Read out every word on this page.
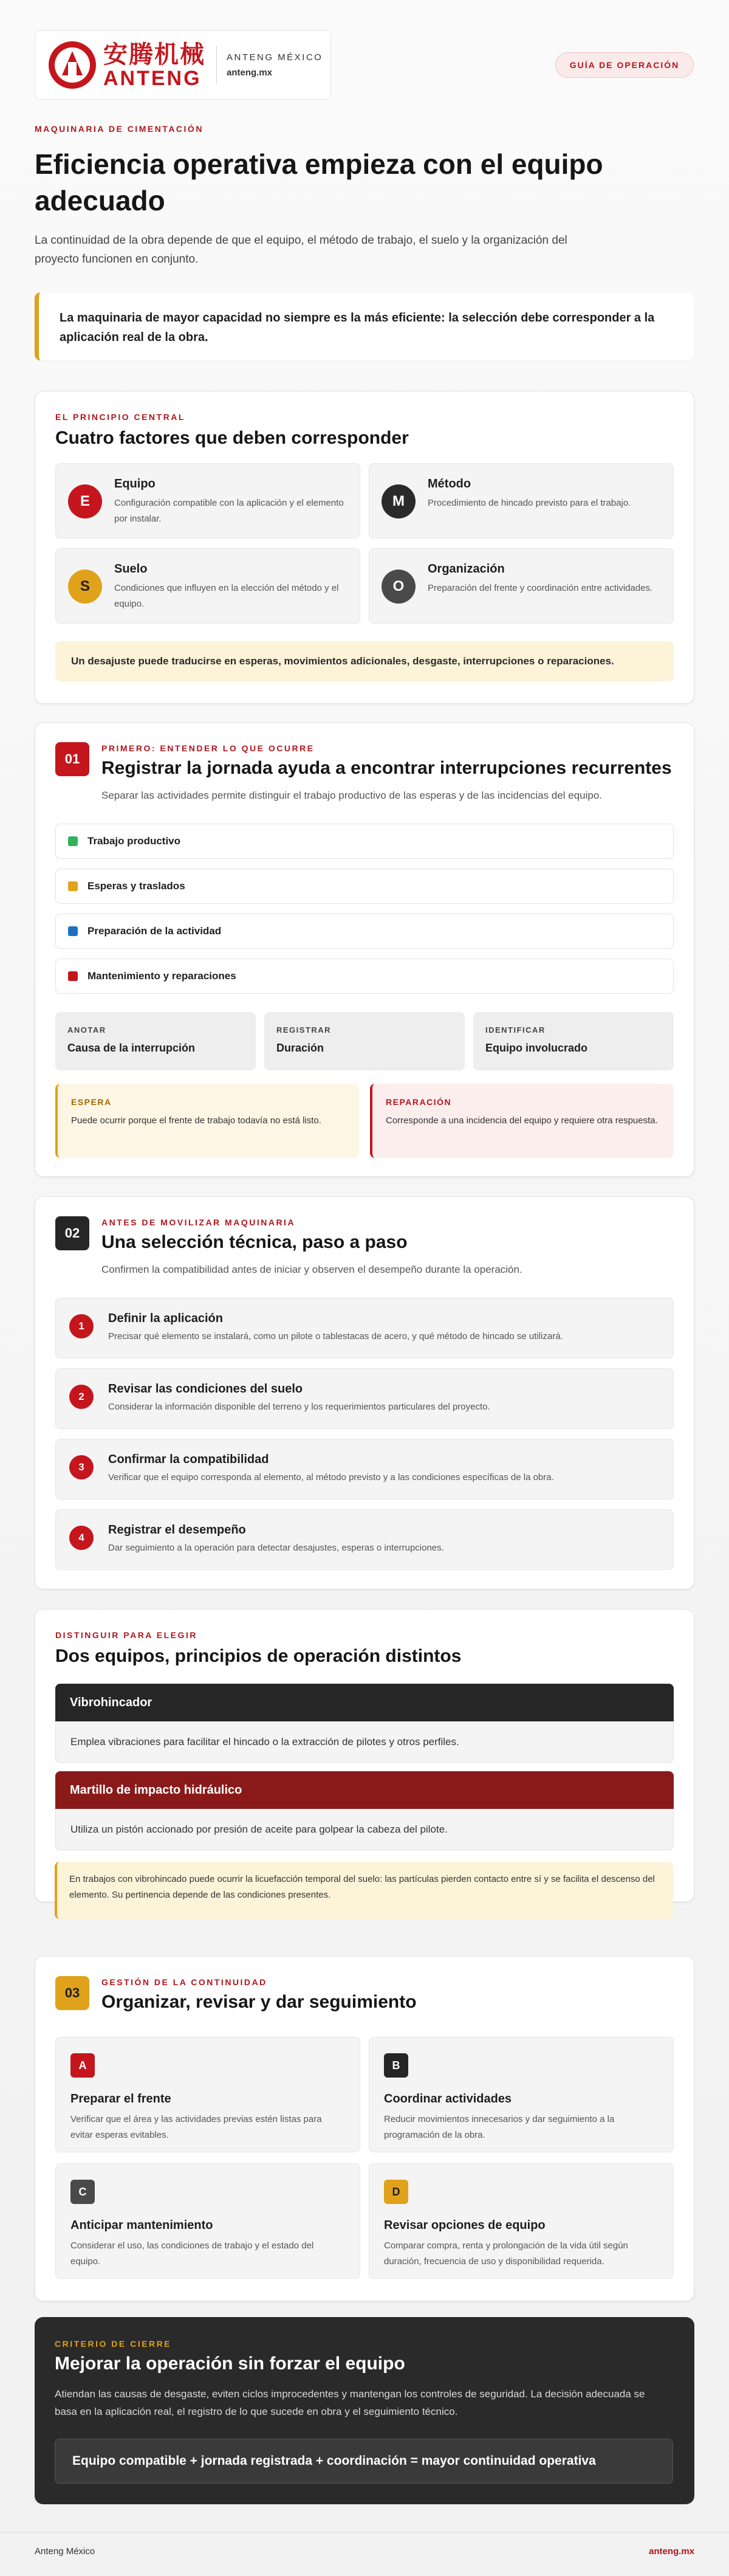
安腾机械
ANTENG
ANTENG MÉXICO
anteng.mx
GUÍA DE OPERACIÓN
MAQUINARIA DE CIMENTACIÓN
Eficiencia operativa empieza con el equipo adecuado
La continuidad de la obra depende de que el equipo, el método de trabajo, el suelo y la organización del proyecto funcionen en conjunto.
La maquinaria de mayor capacidad no siempre es la más eficiente: la selección debe corresponder a la aplicación real de la obra.
EL PRINCIPIO CENTRAL
Cuatro factores que deben corresponder
E
Equipo
Configuración compatible con la aplicación y el elemento por instalar.
M
Método
Procedimiento de hincado previsto para el trabajo.
S
Suelo
Condiciones que influyen en la elección del método y el equipo.
O
Organización
Preparación del frente y coordinación entre actividades.
Un desajuste puede traducirse en esperas, movimientos adicionales, desgaste, interrupciones o reparaciones.
01
PRIMERO: ENTENDER LO QUE OCURRE
Registrar la jornada ayuda a encontrar interrupciones recurrentes
Separar las actividades permite distinguir el trabajo productivo de las esperas y de las incidencias del equipo.
Trabajo productivo
Esperas y traslados
Preparación de la actividad
Mantenimiento y reparaciones
ANOTAR
Causa de la interrupción
REGISTRAR
Duración
IDENTIFICAR
Equipo involucrado
ESPERA
Puede ocurrir porque el frente de trabajo todavía no está listo.
REPARACIÓN
Corresponde a una incidencia del equipo y requiere otra respuesta.
02
ANTES DE MOVILIZAR MAQUINARIA
Una selección técnica, paso a paso
Confirmen la compatibilidad antes de iniciar y observen el desempeño durante la operación.
1
Definir la aplicación
Precisar qué elemento se instalará, como un pilote o tablestacas de acero, y qué método de hincado se utilizará.
2
Revisar las condiciones del suelo
Considerar la información disponible del terreno y los requerimientos particulares del proyecto.
3
Confirmar la compatibilidad
Verificar que el equipo corresponda al elemento, al método previsto y a las condiciones específicas de la obra.
4
Registrar el desempeño
Dar seguimiento a la operación para detectar desajustes, esperas o interrupciones.
DISTINGUIR PARA ELEGIR
Dos equipos, principios de operación distintos
Vibrohincador
Emplea vibraciones para facilitar el hincado o la extracción de pilotes y otros perfiles.
Martillo de impacto hidráulico
Utiliza un pistón accionado por presión de aceite para golpear la cabeza del pilote.
En trabajos con vibrohincado puede ocurrir la licuefacción temporal del suelo: las partículas pierden contacto entre sí y se facilita el descenso del elemento. Su pertinencia depende de las condiciones presentes.
03
GESTIÓN DE LA CONTINUIDAD
Organizar, revisar y dar seguimiento
A
Preparar el frente
Verificar que el área y las actividades previas estén listas para evitar esperas evitables.
B
Coordinar actividades
Reducir movimientos innecesarios y dar seguimiento a la programación de la obra.
C
Anticipar mantenimiento
Considerar el uso, las condiciones de trabajo y el estado del equipo.
D
Revisar opciones de equipo
Comparar compra, renta y prolongación de la vida útil según duración, frecuencia de uso y disponibilidad requerida.
CRITERIO DE CIERRE
Mejorar la operación sin forzar el equipo
Atiendan las causas de desgaste, eviten ciclos improcedentes y mantengan los controles de seguridad. La decisión adecuada se basa en la aplicación real, el registro de lo que sucede en obra y el seguimiento técnico.
Equipo compatible + jornada registrada + coordinación = mayor continuidad operativa
Anteng México	anteng.mx
